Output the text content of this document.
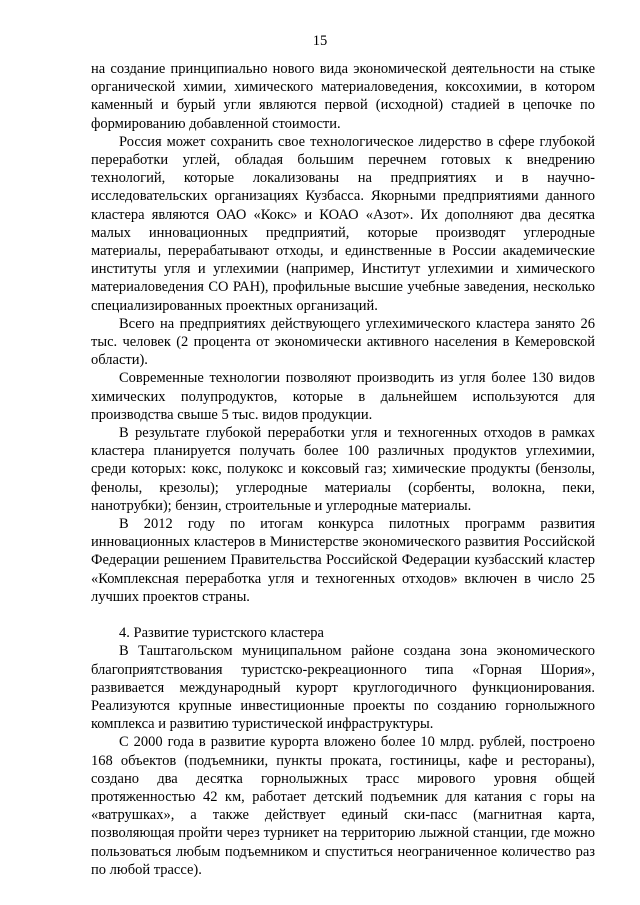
15

на создание принципиально нового вида экономической деятельности на стыке органической химии, химического материаловедения, коксохимии, в котором каменный и бурый угли являются первой (исходной) стадией в цепочке по формированию добавленной стоимости.

Россия может сохранить свое технологическое лидерство в сфере глубокой переработки углей, обладая большим перечнем готовых к внедрению технологий, которые локализованы на предприятиях и в научно-исследовательских организациях Кузбасса. Якорными предприятиями данного кластера являются ОАО «Кокс» и КОАО «Азот». Их дополняют два десятка малых инновационных предприятий, которые производят углеродные материалы, перерабатывают отходы, и единственные в России академические институты угля и углехимии (например, Институт углехимии и химического материаловедения СО РАН), профильные высшие учебные заведения, несколько специализированных проектных организаций.

Всего на предприятиях действующего углехимического кластера занято 26 тыс. человек (2 процента от экономически активного населения в Кемеровской области).

Современные технологии позволяют производить из угля более 130 видов химических полупродуктов, которые в дальнейшем используются для производства свыше 5 тыс. видов продукции.

В результате глубокой переработки угля и техногенных отходов в рамках кластера планируется получать более 100 различных продуктов углехимии, среди которых: кокс, полукокс и коксовый газ; химические продукты (бензолы, фенолы, крезолы); углеродные материалы (сорбенты, волокна, пеки, нанотрубки); бензин, строительные и углеродные материалы.

В 2012 году по итогам конкурса пилотных программ развития инновационных кластеров в Министерстве экономического развития Российской Федерации решением Правительства Российской Федерации кузбасский кластер «Комплексная переработка угля и техногенных отходов» включен в число 25 лучших проектов страны.

4. Развитие туристского кластера

В Таштагольском муниципальном районе создана зона экономического благоприятствования туристско-рекреационного типа «Горная Шория», развивается международный курорт круглогодичного функционирования. Реализуются крупные инвестиционные проекты по созданию горнолыжного комплекса и развитию туристической инфраструктуры.

С 2000 года в развитие курорта вложено более 10 млрд. рублей, построено 168 объектов (подъемники, пункты проката, гостиницы, кафе и рестораны), создано два десятка горнолыжных трасс мирового уровня общей протяженностью 42 км, работает детский подъемник для катания с горы на «ватрушках», а также действует единый ски-пасс (магнитная карта, позволяющая пройти через турникет на территорию лыжной станции, где можно пользоваться любым подъемником и спуститься неограниченное количество раз по любой трассе).
